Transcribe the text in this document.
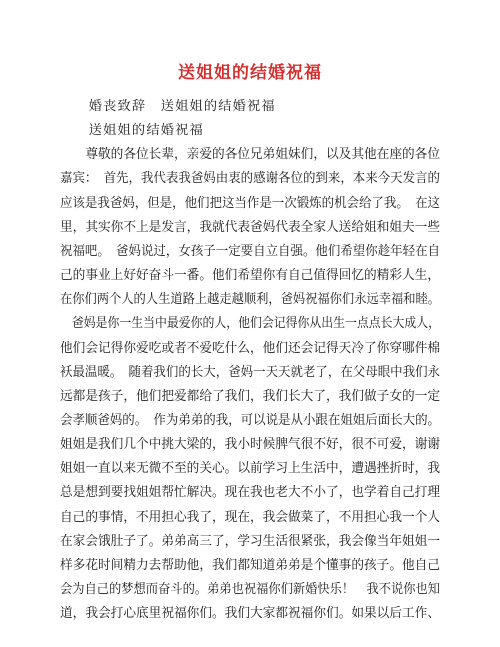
送姐姐的结婚祝福
　　婚丧致辞　送姐姐的结婚祝福
　　送姐姐的结婚祝福
　　尊敬的各位长辈，亲爱的各位兄弟姐妹们，以及其他在座的各位
嘉宾：　首先，我代表我爸妈由衷的感谢各位的到来，本来今天发言的
应该是我爸妈，但是，他们把这当作是一次锻炼的机会给了我。　在这
里，其实你不上是发言，我就代表爸妈代表全家人送给姐和姐夫一些
祝福吧。　爸妈说过，女孩子一定要自立自强。他们希望你趁年轻在自
己的事业上好好奋斗一番。他们希望你有自己值得回忆的精彩人生，
在你们两个人的人生道路上越走越顺利，爸妈祝福你们永远幸福和睦。
　爸妈是你一生当中最爱你的人，他们会记得你从出生一点点长大成人，
他们会记得你爱吃或者不爱吃什么，他们还会记得天冷了你穿哪件棉
袄最温暖。　随着我们的长大，爸妈一天天就老了，在父母眼中我们永
远都是孩子，他们把爱都给了我们，我们长大了，我们做子女的一定
会孝顺爸妈的。　作为弟弟的我，可以说是从小跟在姐姐后面长大的。
姐姐是我们几个中挑大梁的，我小时候脾气很不好，很不可爱，谢谢
姐姐一直以来无微不至的关心。以前学习上生活中，遭遇挫折时，我
总是想到要找姐姐帮忙解决。现在我也老大不小了，也学着自己打理
自己的事情，不用担心我了，现在，我会做菜了，不用担心我一个人
在家会饿肚子了。弟弟高三了，学习生活很紧张，我会像当年姐姐一
样多花时间精力去帮助他，我们都知道弟弟是个懂事的孩子。他自己
会为自己的梦想而奋斗的。弟弟也祝福你们新婚快乐！　我不说你也知
道，我会打心底里祝福你们。我们大家都祝福你们。如果以后工作、
